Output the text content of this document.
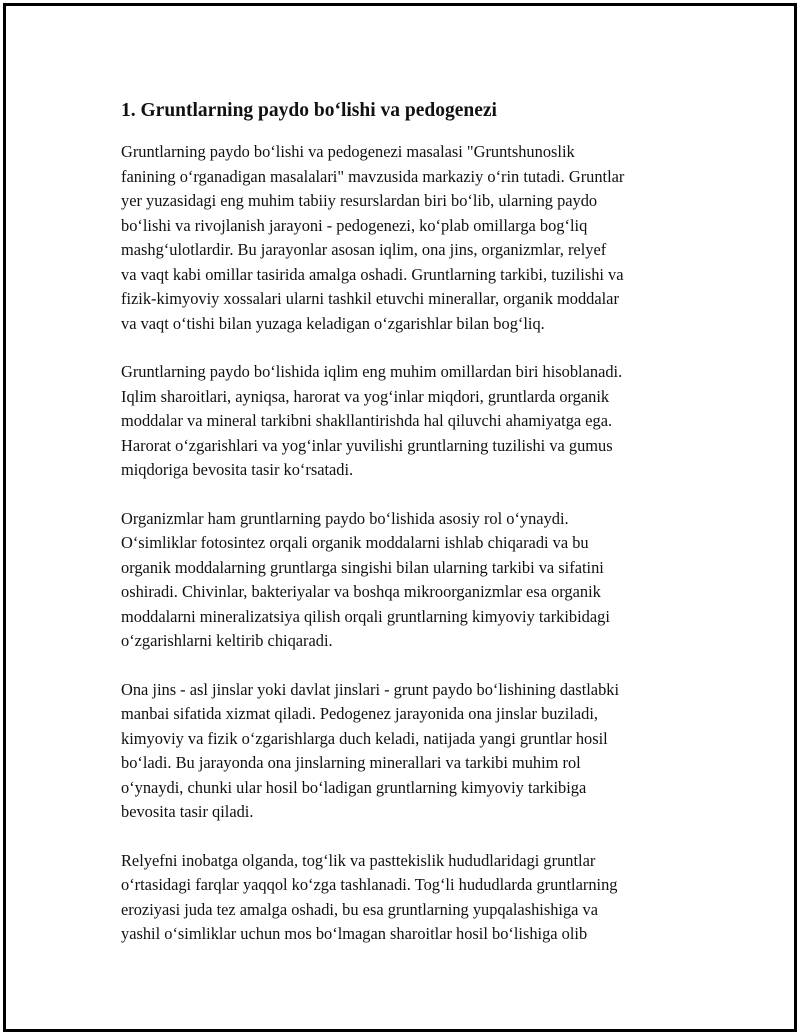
1. Gruntlarning paydo bo‘lishi va pedogenezi

Gruntlarning paydo bo‘lishi va pedogenezi masalasi "Gruntshunoslik
fanining o‘rganadigan masalalari" mavzusida markaziy o‘rin tutadi. Gruntlar
yer yuzasidagi eng muhim tabiiy resurslardan biri bo‘lib, ularning paydo
bo‘lishi va rivojlanish jarayoni - pedogenezi, ko‘plab omillarga bog‘liq
mashg‘ulotlardir. Bu jarayonlar asosan iqlim, ona jins, organizmlar, relyef
va vaqt kabi omillar tasirida amalga oshadi. Gruntlarning tarkibi, tuzilishi va
fizik-kimyoviy xossalari ularni tashkil etuvchi minerallar, organik moddalar
va vaqt o‘tishi bilan yuzaga keladigan o‘zgarishlar bilan bog‘liq.

Gruntlarning paydo bo‘lishida iqlim eng muhim omillardan biri hisoblanadi.
Iqlim sharoitlari, ayniqsa, harorat va yog‘inlar miqdori, gruntlarda organik
moddalar va mineral tarkibni shakllantirishda hal qiluvchi ahamiyatga ega.
Harorat o‘zgarishlari va yog‘inlar yuvilishi gruntlarning tuzilishi va gumus
miqdoriga bevosita tasir ko‘rsatadi.

Organizmlar ham gruntlarning paydo bo‘lishida asosiy rol o‘ynaydi.
O‘simliklar fotosintez orqali organik moddalarni ishlab chiqaradi va bu
organik moddalarning gruntlarga singishi bilan ularning tarkibi va sifatini
oshiradi. Chivinlar, bakteriyalar va boshqa mikroorganizmlar esa organik
moddalarni mineralizatsiya qilish orqali gruntlarning kimyoviy tarkibidagi
o‘zgarishlarni keltirib chiqaradi.

Ona jins - asl jinslar yoki davlat jinslari - grunt paydo bo‘lishining dastlabki
manbai sifatida xizmat qiladi. Pedogenez jarayonida ona jinslar buziladi,
kimyoviy va fizik o‘zgarishlarga duch keladi, natijada yangi gruntlar hosil
bo‘ladi. Bu jarayonda ona jinslarning minerallari va tarkibi muhim rol
o‘ynaydi, chunki ular hosil bo‘ladigan gruntlarning kimyoviy tarkibiga
bevosita tasir qiladi.

Relyefni inobatga olganda, tog‘lik va pasttekislik hududlaridagi gruntlar
o‘rtasidagi farqlar yaqqol ko‘zga tashlanadi. Tog‘li hududlarda gruntlarning
eroziyasi juda tez amalga oshadi, bu esa gruntlarning yupqalashishiga va
yashil o‘simliklar uchun mos bo‘lmagan sharoitlar hosil bo‘lishiga olib
